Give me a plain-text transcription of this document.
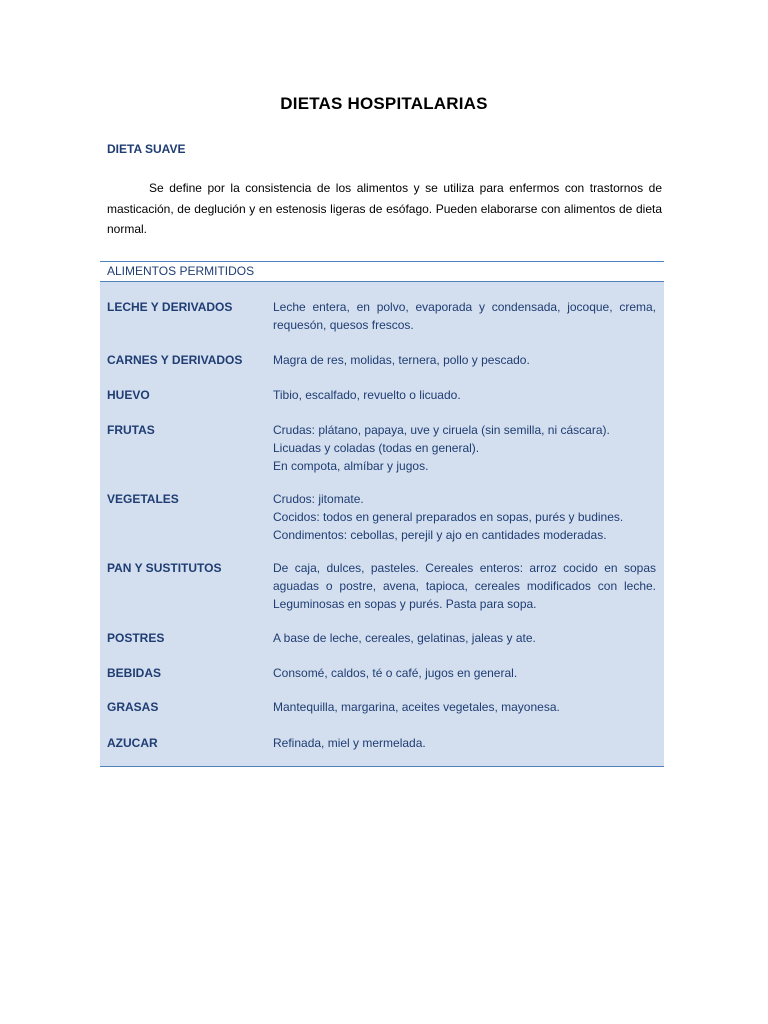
DIETAS HOSPITALARIAS
DIETA SUAVE
Se define por la consistencia de los alimentos y se utiliza para enfermos con trastornos de masticación, de deglución y en estenosis ligeras de esófago. Pueden elaborarse con alimentos de dieta normal.
ALIMENTOS PERMITIDOS
LECHE Y DERIVADOS	Leche entera, en polvo, evaporada y condensada, jocoque, crema, requesón, quesos frescos.
CARNES Y DERIVADOS	Magra de res, molidas, ternera, pollo y pescado.
HUEVO	Tibio, escalfado, revuelto o licuado.
FRUTAS	Crudas: plátano, papaya, uve y ciruela (sin semilla, ni cáscara).
Licuadas y coladas (todas en general).
En compota, almíbar y jugos.
VEGETALES	Crudos: jitomate.
Cocidos: todos en general preparados en sopas, purés y budines.
Condimentos: cebollas, perejil y ajo en cantidades moderadas.
PAN Y SUSTITUTOS	De caja, dulces, pasteles. Cereales enteros: arroz cocido en sopas aguadas o postre, avena, tapioca, cereales modificados con leche. Leguminosas en sopas y purés. Pasta para sopa.
POSTRES	A base de leche, cereales, gelatinas, jaleas y ate.
BEBIDAS	Consomé, caldos, té o café, jugos en general.
GRASAS	Mantequilla, margarina, aceites vegetales, mayonesa.
AZUCAR	Refinada, miel y mermelada.
